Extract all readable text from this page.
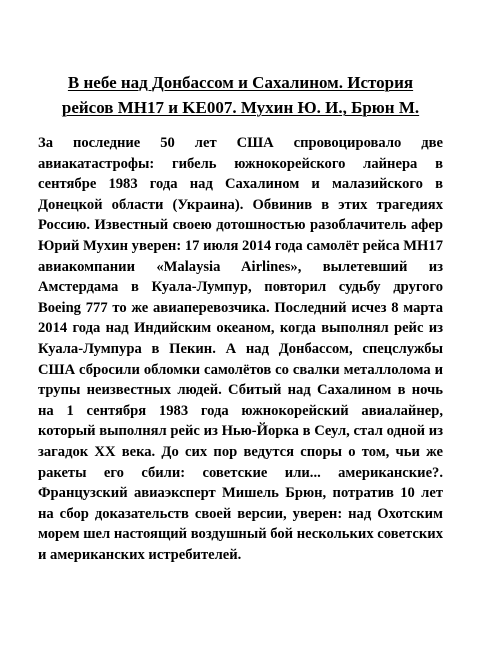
В небе над Донбассом и Сахалином. История
рейсов МН17 и KE007. Мухин Ю. И., Брюн М.

За последние 50 лет США спровоцировало две авиакатастрофы: гибель южнокорейского лайнера в сентябре 1983 года над Сахалином и малазийского в Донецкой области (Украина). Обвинив в этих трагедиях Россию. Известный своею дотошностью разоблачитель афер Юрий Мухин уверен: 17 июля 2014 года самолёт рейса МН17 авиакомпании «Malaysia Airlines», вылетевший из Амстердама в Куала-Лумпур, повторил судьбу другого Boeing 777 то же авиаперевозчика. Последний исчез 8 марта 2014 года над Индийским океаном, когда выполнял рейс из Куала-Лумпура в Пекин. А над Донбассом, спецслужбы США сбросили обломки самолётов со свалки металлолома и трупы неизвестных людей. Сбитый над Сахалином в ночь на 1 сентября 1983 года южнокорейский авиалайнер, который выполнял рейс из Нью-Йорка в Сеул, стал одной из загадок XX века. До сих пор ведутся споры о том, чьи же ракеты его сбили: советские или... американские?. Французский авиаэксперт Мишель Брюн, потратив 10 лет на сбор доказательств своей версии, уверен: над Охотским морем шел настоящий воздушный бой нескольких советских и американских истребителей.
